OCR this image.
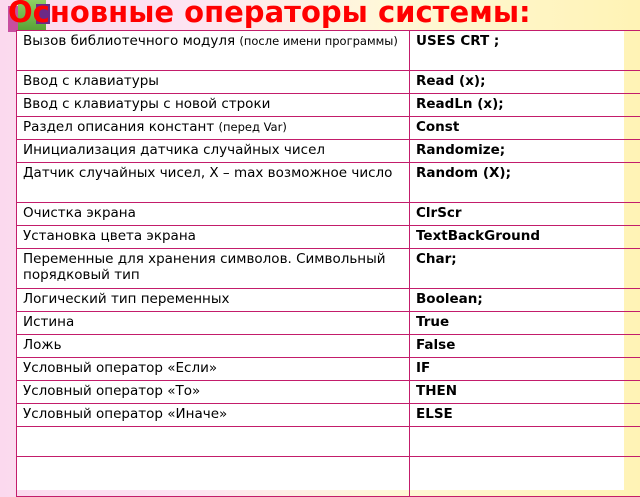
Основные операторы системы:
Вызов библиотечного модуля (после имени программы)	USES CRT ;
Ввод с клавиатуры	Read (x);
Ввод с клавиатуры с новой строки	ReadLn (x);
Раздел описания констант (перед Var)	Const
Инициализация датчика случайных чисел	Randomize;
Датчик случайных чисел, X – max возможное число	Random (X);
Очистка экрана	ClrScr
Установка цвета экрана	TextBackGround
Переменные для хранения символов. Символьный порядковый тип	Char;
Логический тип переменных	Boolean;
Истина	True
Ложь	False
Условный оператор «Если»	IF
Условный оператор «То»	THEN
Условный оператор «Иначе»	ELSE
